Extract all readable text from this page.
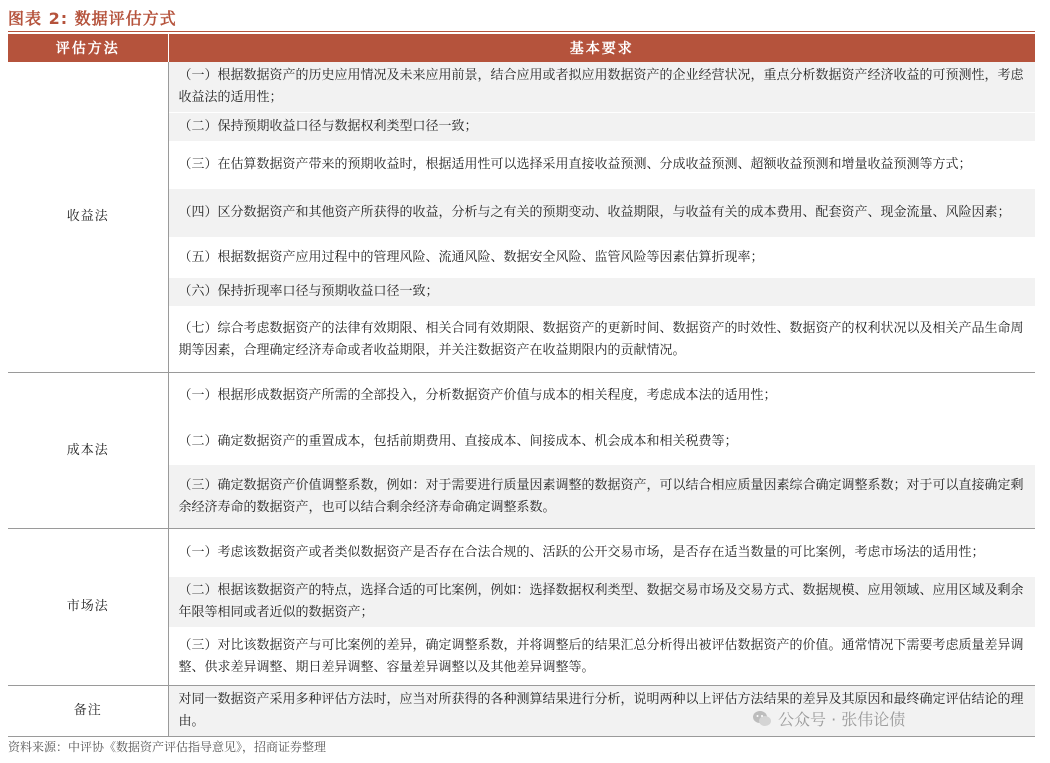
图表 2: 数据评估方式
评估方法	基本要求
收益法	（一）根据数据资产的历史应用情况及未来应用前景，结合应用或者拟应用数据资产的企业经营状况，重点分析数据资产经济收益的可预测性，考虑收益法的适用性；
	（二）保持预期收益口径与数据权利类型口径一致；
	（三）在估算数据资产带来的预期收益时，根据适用性可以选择采用直接收益预测、分成收益预测、超额收益预测和增量收益预测等方式；
	（四）区分数据资产和其他资产所获得的收益，分析与之有关的预期变动、收益期限，与收益有关的成本费用、配套资产、现金流量、风险因素；
	（五）根据数据资产应用过程中的管理风险、流通风险、数据安全风险、监管风险等因素估算折现率；
	（六）保持折现率口径与预期收益口径一致；
	（七）综合考虑数据资产的法律有效期限、相关合同有效期限、数据资产的更新时间、数据资产的时效性、数据资产的权利状况以及相关产品生命周期等因素，合理确定经济寿命或者收益期限，并关注数据资产在收益期限内的贡献情况。
成本法	（一）根据形成数据资产所需的全部投入，分析数据资产价值与成本的相关程度，考虑成本法的适用性；
	（二）确定数据资产的重置成本，包括前期费用、直接成本、间接成本、机会成本和相关税费等；
	（三）确定数据资产价值调整系数，例如：对于需要进行质量因素调整的数据资产，可以结合相应质量因素综合确定调整系数；对于可以直接确定剩余经济寿命的数据资产，也可以结合剩余经济寿命确定调整系数。
市场法	（一）考虑该数据资产或者类似数据资产是否存在合法合规的、活跃的公开交易市场，是否存在适当数量的可比案例，考虑市场法的适用性；
	（二）根据该数据资产的特点，选择合适的可比案例，例如：选择数据权利类型、数据交易市场及交易方式、数据规模、应用领域、应用区域及剩余年限等相同或者近似的数据资产；
	（三）对比该数据资产与可比案例的差异，确定调整系数，并将调整后的结果汇总分析得出被评估数据资产的价值。通常情况下需要考虑质量差异调整、供求差异调整、期日差异调整、容量差异调整以及其他差异调整等。
备注	对同一数据资产采用多种评估方法时，应当对所获得的各种测算结果进行分析，说明两种以上评估方法结果的差异及其原因和最终确定评估结论的理由。
资料来源：中评协《数据资产评估指导意见》，招商证券整理
公众号 · 张伟论债
